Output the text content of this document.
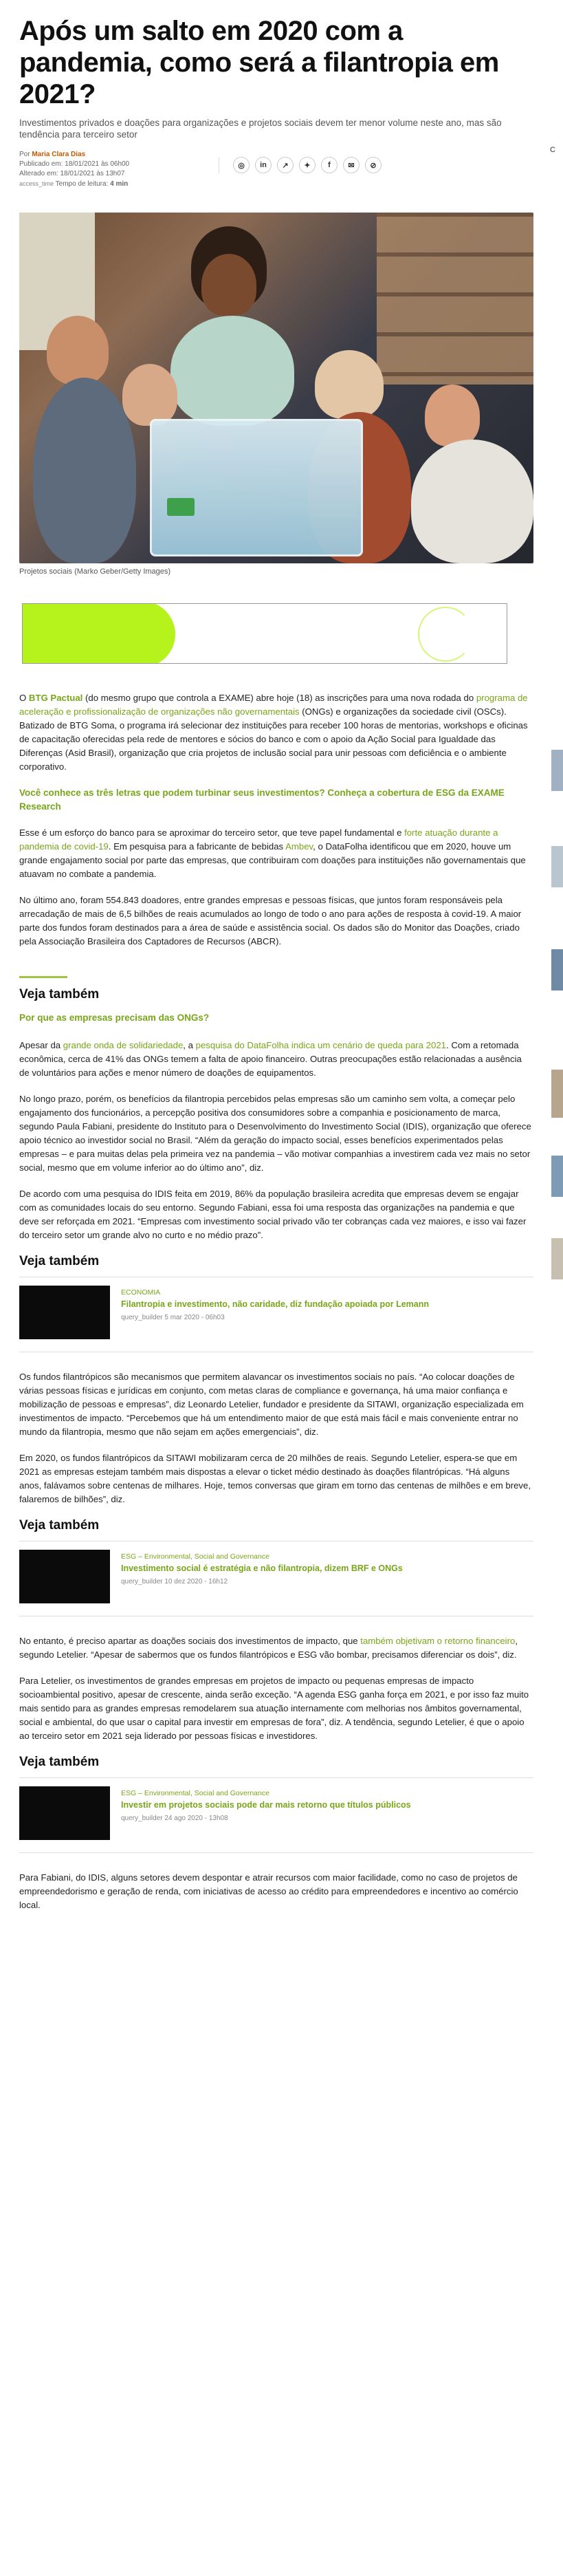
Após um salto em 2020 com a pandemia, como será a filantropia em 2021?

Investimentos privados e doações para organizações e projetos sociais devem ter menor volume neste ano, mas são tendência para terceiro setor

Por Maria Clara Dias
Publicado em: 18/01/2021 às 06h00
Alterado em: 18/01/2021 às 13h07
access_time Tempo de leitura: 4 min
◎	in	↗	✦	f	✉	⊘

Projetos sociais (Marko Geber/Getty Images)

O BTG Pactual (do mesmo grupo que controla a EXAME) abre hoje (18) as inscrições para uma nova rodada do programa de aceleração e profissionalização de organizações não governamentais (ONGs) e organizações da sociedade civil (OSCs). Batizado de BTG Soma, o programa irá selecionar dez instituições para receber 100 horas de mentorias, workshops e oficinas de capacitação oferecidas pela rede de mentores e sócios do banco e com o apoio da Ação Social para Igualdade das Diferenças (Asid Brasil), organização que cria projetos de inclusão social para unir pessoas com deficiência e o ambiente corporativo.

Você conhece as três letras que podem turbinar seus investimentos? Conheça a cobertura de ESG da EXAME Research

Esse é um esforço do banco para se aproximar do terceiro setor, que teve papel fundamental e forte atuação durante a pandemia de covid-19. Em pesquisa para a fabricante de bebidas Ambev, o DataFolha identificou que em 2020, houve um grande engajamento social por parte das empresas, que contribuiram com doações para instituições não governamentais que atuavam no combate a pandemia.

No último ano, foram 554.843 doadores, entre grandes empresas e pessoas físicas, que juntos foram responsáveis pela arrecadação de mais de 6,5 bilhões de reais acumulados ao longo de todo o ano para ações de resposta à covid-19. A maior parte dos fundos foram destinados para a área de saúde e assistência social. Os dados são do Monitor das Doações, criado pela Associação Brasileira dos Captadores de Recursos (ABCR).

Veja também
Por que as empresas precisam das ONGs?

Apesar da grande onda de solidariedade, a pesquisa do DataFolha indica um cenário de queda para 2021. Com a retomada econômica, cerca de 41% das ONGs temem a falta de apoio financeiro. Outras preocupações estão relacionadas a ausência de voluntários para ações e menor número de doações de equipamentos.

No longo prazo, porém, os benefícios da filantropia percebidos pelas empresas são um caminho sem volta, a começar pelo engajamento dos funcionários, a percepção positiva dos consumidores sobre a companhia e posicionamento de marca, segundo Paula Fabiani, presidente do Instituto para o Desenvolvimento do Investimento Social (IDIS), organização que oferece apoio técnico ao investidor social no Brasil. “Além da geração do impacto social, esses benefícios experimentados pelas empresas – e para muitas delas pela primeira vez na pandemia – vão motivar companhias a investirem cada vez mais no setor social, mesmo que em volume inferior ao do último ano”, diz.

De acordo com uma pesquisa do IDIS feita em 2019, 86% da população brasileira acredita que empresas devem se engajar com as comunidades locais do seu entorno. Segundo Fabiani, essa foi uma resposta das organizações na pandemia e que deve ser reforçada em 2021. “Empresas com investimento social privado vão ter cobranças cada vez maiores, e isso vai fazer do terceiro setor um grande alvo no curto e no médio prazo”.

Veja também
ECONOMIA
Filantropia e investimento, não caridade, diz fundação apoiada por Lemann
query_builder 5 mar 2020 - 06h03

Os fundos filantrópicos são mecanismos que permitem alavancar os investimentos sociais no país. “Ao colocar doações de várias pessoas físicas e jurídicas em conjunto, com metas claras de compliance e governança, há uma maior confiança e mobilização de pessoas e empresas”, diz Leonardo Letelier, fundador e presidente da SITAWI, organização especializada em investimentos de impacto. “Percebemos que há um entendimento maior de que está mais fácil e mais conveniente entrar no mundo da filantropia, mesmo que não sejam em ações emergenciais”, diz.

Em 2020, os fundos filantrópicos da SITAWI mobilizaram cerca de 20 milhões de reais. Segundo Letelier, espera-se que em 2021 as empresas estejam também mais dispostas a elevar o ticket médio destinado às doações filantrópicas. “Há alguns anos, falávamos sobre centenas de milhares. Hoje, temos conversas que giram em torno das centenas de milhões e em breve, falaremos de bilhões”, diz.

Veja também
ESG – Environmental, Social and Governance
Investimento social é estratégia e não filantropia, dizem BRF e ONGs
query_builder 10 dez 2020 - 16h12

No entanto, é preciso apartar as doações sociais dos investimentos de impacto, que também objetivam o retorno financeiro, segundo Letelier. “Apesar de sabermos que os fundos filantrópicos e ESG vão bombar, precisamos diferenciar os dois”, diz.

Para Letelier, os investimentos de grandes empresas em projetos de impacto ou pequenas empresas de impacto socioambiental positivo, apesar de crescente, ainda serão exceção. “A agenda ESG ganha força em 2021, e por isso faz muito mais sentido para as grandes empresas remodelarem sua atuação internamente com melhorias nos âmbitos governamental, social e ambiental, do que usar o capital para investir em empresas de fora”, diz. A tendência, segundo Letelier, é que o apoio ao terceiro setor em 2021 seja liderado por pessoas físicas e investidores.

Veja também
ESG – Environmental, Social and Governance
Investir em projetos sociais pode dar mais retorno que títulos públicos
query_builder 24 ago 2020 - 13h08

Para Fabiani, do IDIS, alguns setores devem despontar e atrair recursos com maior facilidade, como no caso de projetos de empreendedorismo e geração de renda, com iniciativas de acesso ao crédito para empreendedores e incentivo ao comércio local.

C
